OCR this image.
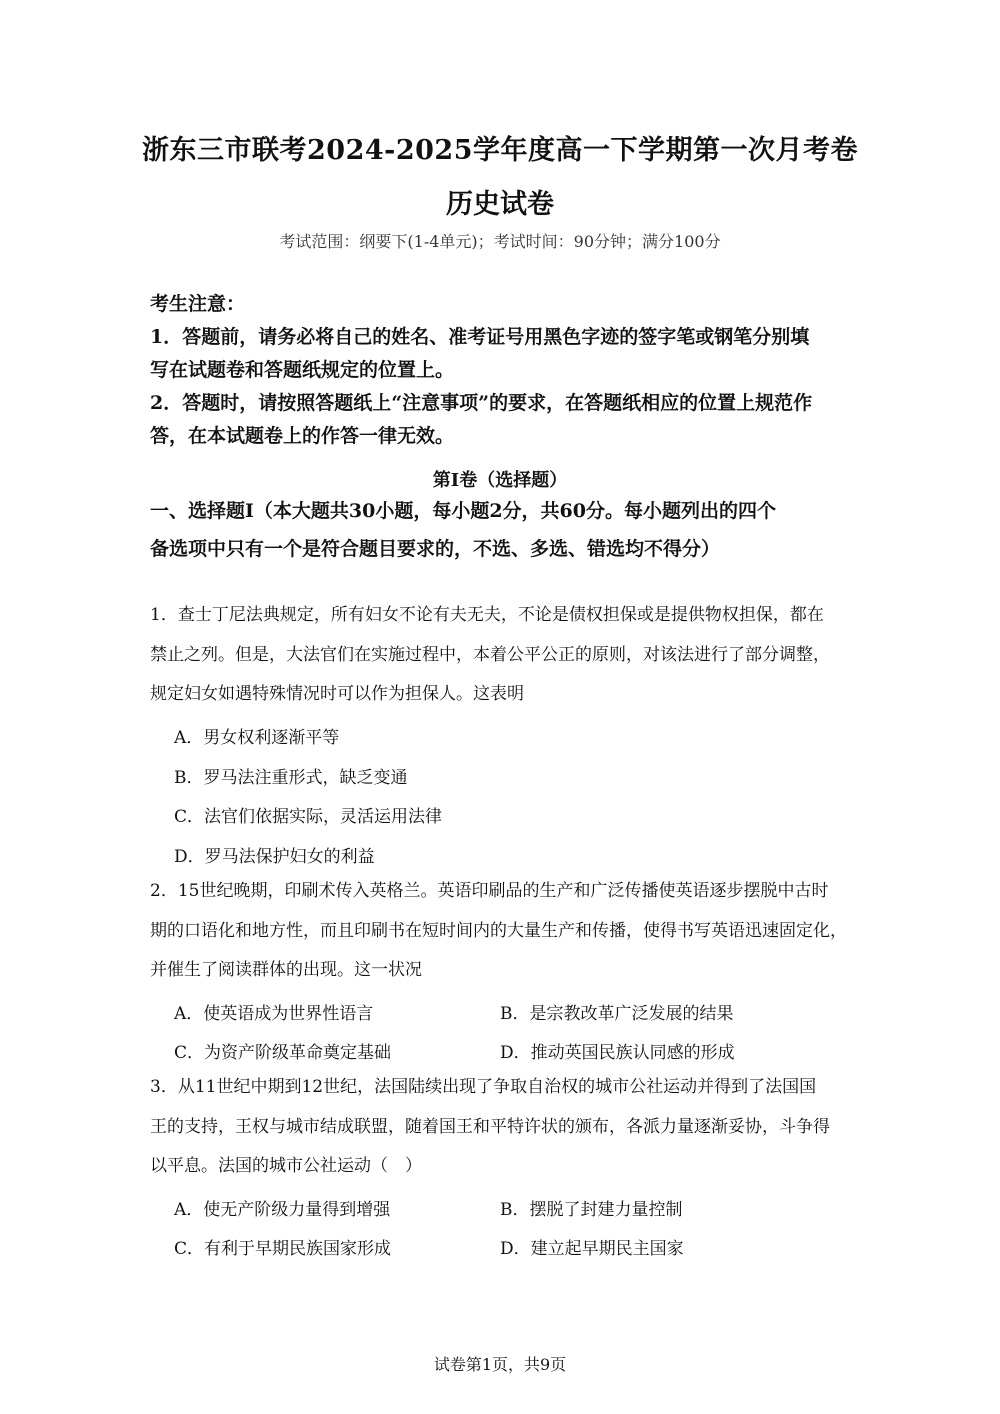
浙东三市联考2024-2025学年度高一下学期第一次月考卷
历史试卷
考试范围：纲要下(1-4单元)；考试时间：90分钟；满分100分
考生注意：
1．答题前，请务必将自己的姓名、准考证号用黑色字迹的签字笔或钢笔分别填
写在试题卷和答题纸规定的位置上。
2．答题时，请按照答题纸上“注意事项”的要求，在答题纸相应的位置上规范作
答，在本试题卷上的作答一律无效。
第Ⅰ卷（选择题）
一、选择题Ⅰ（本大题共30小题，每小题2分，共60分。每小题列出的四个
备选项中只有一个是符合题目要求的，不选、多选、错选均不得分）
1．查士丁尼法典规定，所有妇女不论有夫无夫，不论是债权担保或是提供物权担保，都在
禁止之列。但是，大法官们在实施过程中，本着公平公正的原则，对该法进行了部分调整，
规定妇女如遇特殊情况时可以作为担保人。这表明
A．男女权利逐渐平等
B．罗马法注重形式，缺乏变通
C．法官们依据实际，灵活运用法律
D．罗马法保护妇女的利益
2．15世纪晚期，印刷术传入英格兰。英语印刷品的生产和广泛传播使英语逐步摆脱中古时
期的口语化和地方性，而且印刷书在短时间内的大量生产和传播，使得书写英语迅速固定化，
并催生了阅读群体的出现。这一状况
A．使英语成为世界性语言	B．是宗教改革广泛发展的结果
C．为资产阶级革命奠定基础	D．推动英国民族认同感的形成
3．从11世纪中期到12世纪，法国陆续出现了争取自治权的城市公社运动并得到了法国国
王的支持，王权与城市结成联盟，随着国王和平特许状的颁布，各派力量逐渐妥协，斗争得
以平息。法国的城市公社运动（　）
A．使无产阶级力量得到增强	B．摆脱了封建力量控制
C．有利于早期民族国家形成	D．建立起早期民主国家
试卷第1页，共9页
